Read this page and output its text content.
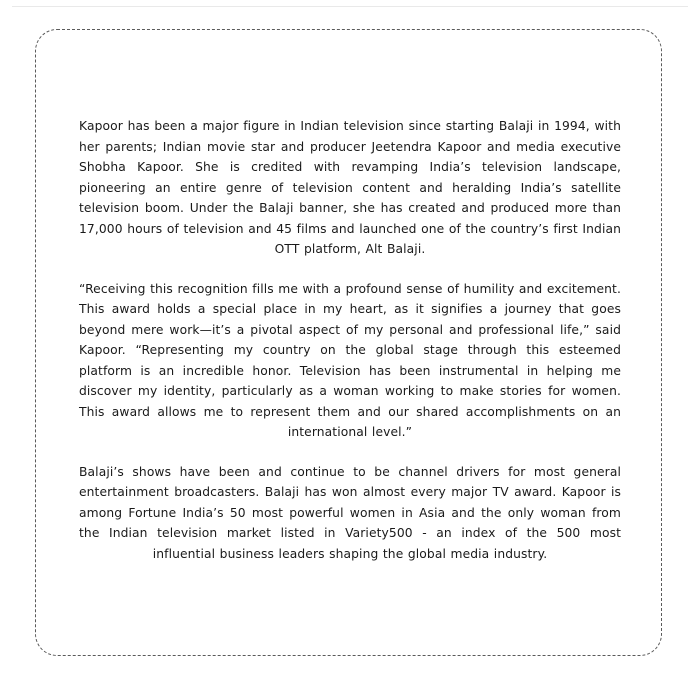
Kapoor has been a major figure in Indian television since starting Balaji in 1994, with her parents; Indian movie star and producer Jeetendra Kapoor and media executive Shobha Kapoor. She is credited with revamping India’s television landscape, pioneering an entire genre of television content and heralding India’s satellite television boom. Under the Balaji banner, she has created and produced more than 17,000 hours of television and 45 films and launched one of the country’s first Indian OTT platform, Alt Balaji.

“Receiving this recognition fills me with a profound sense of humility and excitement. This award holds a special place in my heart, as it signifies a journey that goes beyond mere work—it’s a pivotal aspect of my personal and professional life,” said Kapoor. “Representing my country on the global stage through this esteemed platform is an incredible honor. Television has been instrumental in helping me discover my identity, particularly as a woman working to make stories for women. This award allows me to represent them and our shared accomplishments on an international level.”

Balaji’s shows have been and continue to be channel drivers for most general entertainment broadcasters. Balaji has won almost every major TV award. Kapoor is among Fortune India’s 50 most powerful women in Asia and the only woman from the Indian television market listed in Variety500 - an index of the 500 most influential business leaders shaping the global media industry.
